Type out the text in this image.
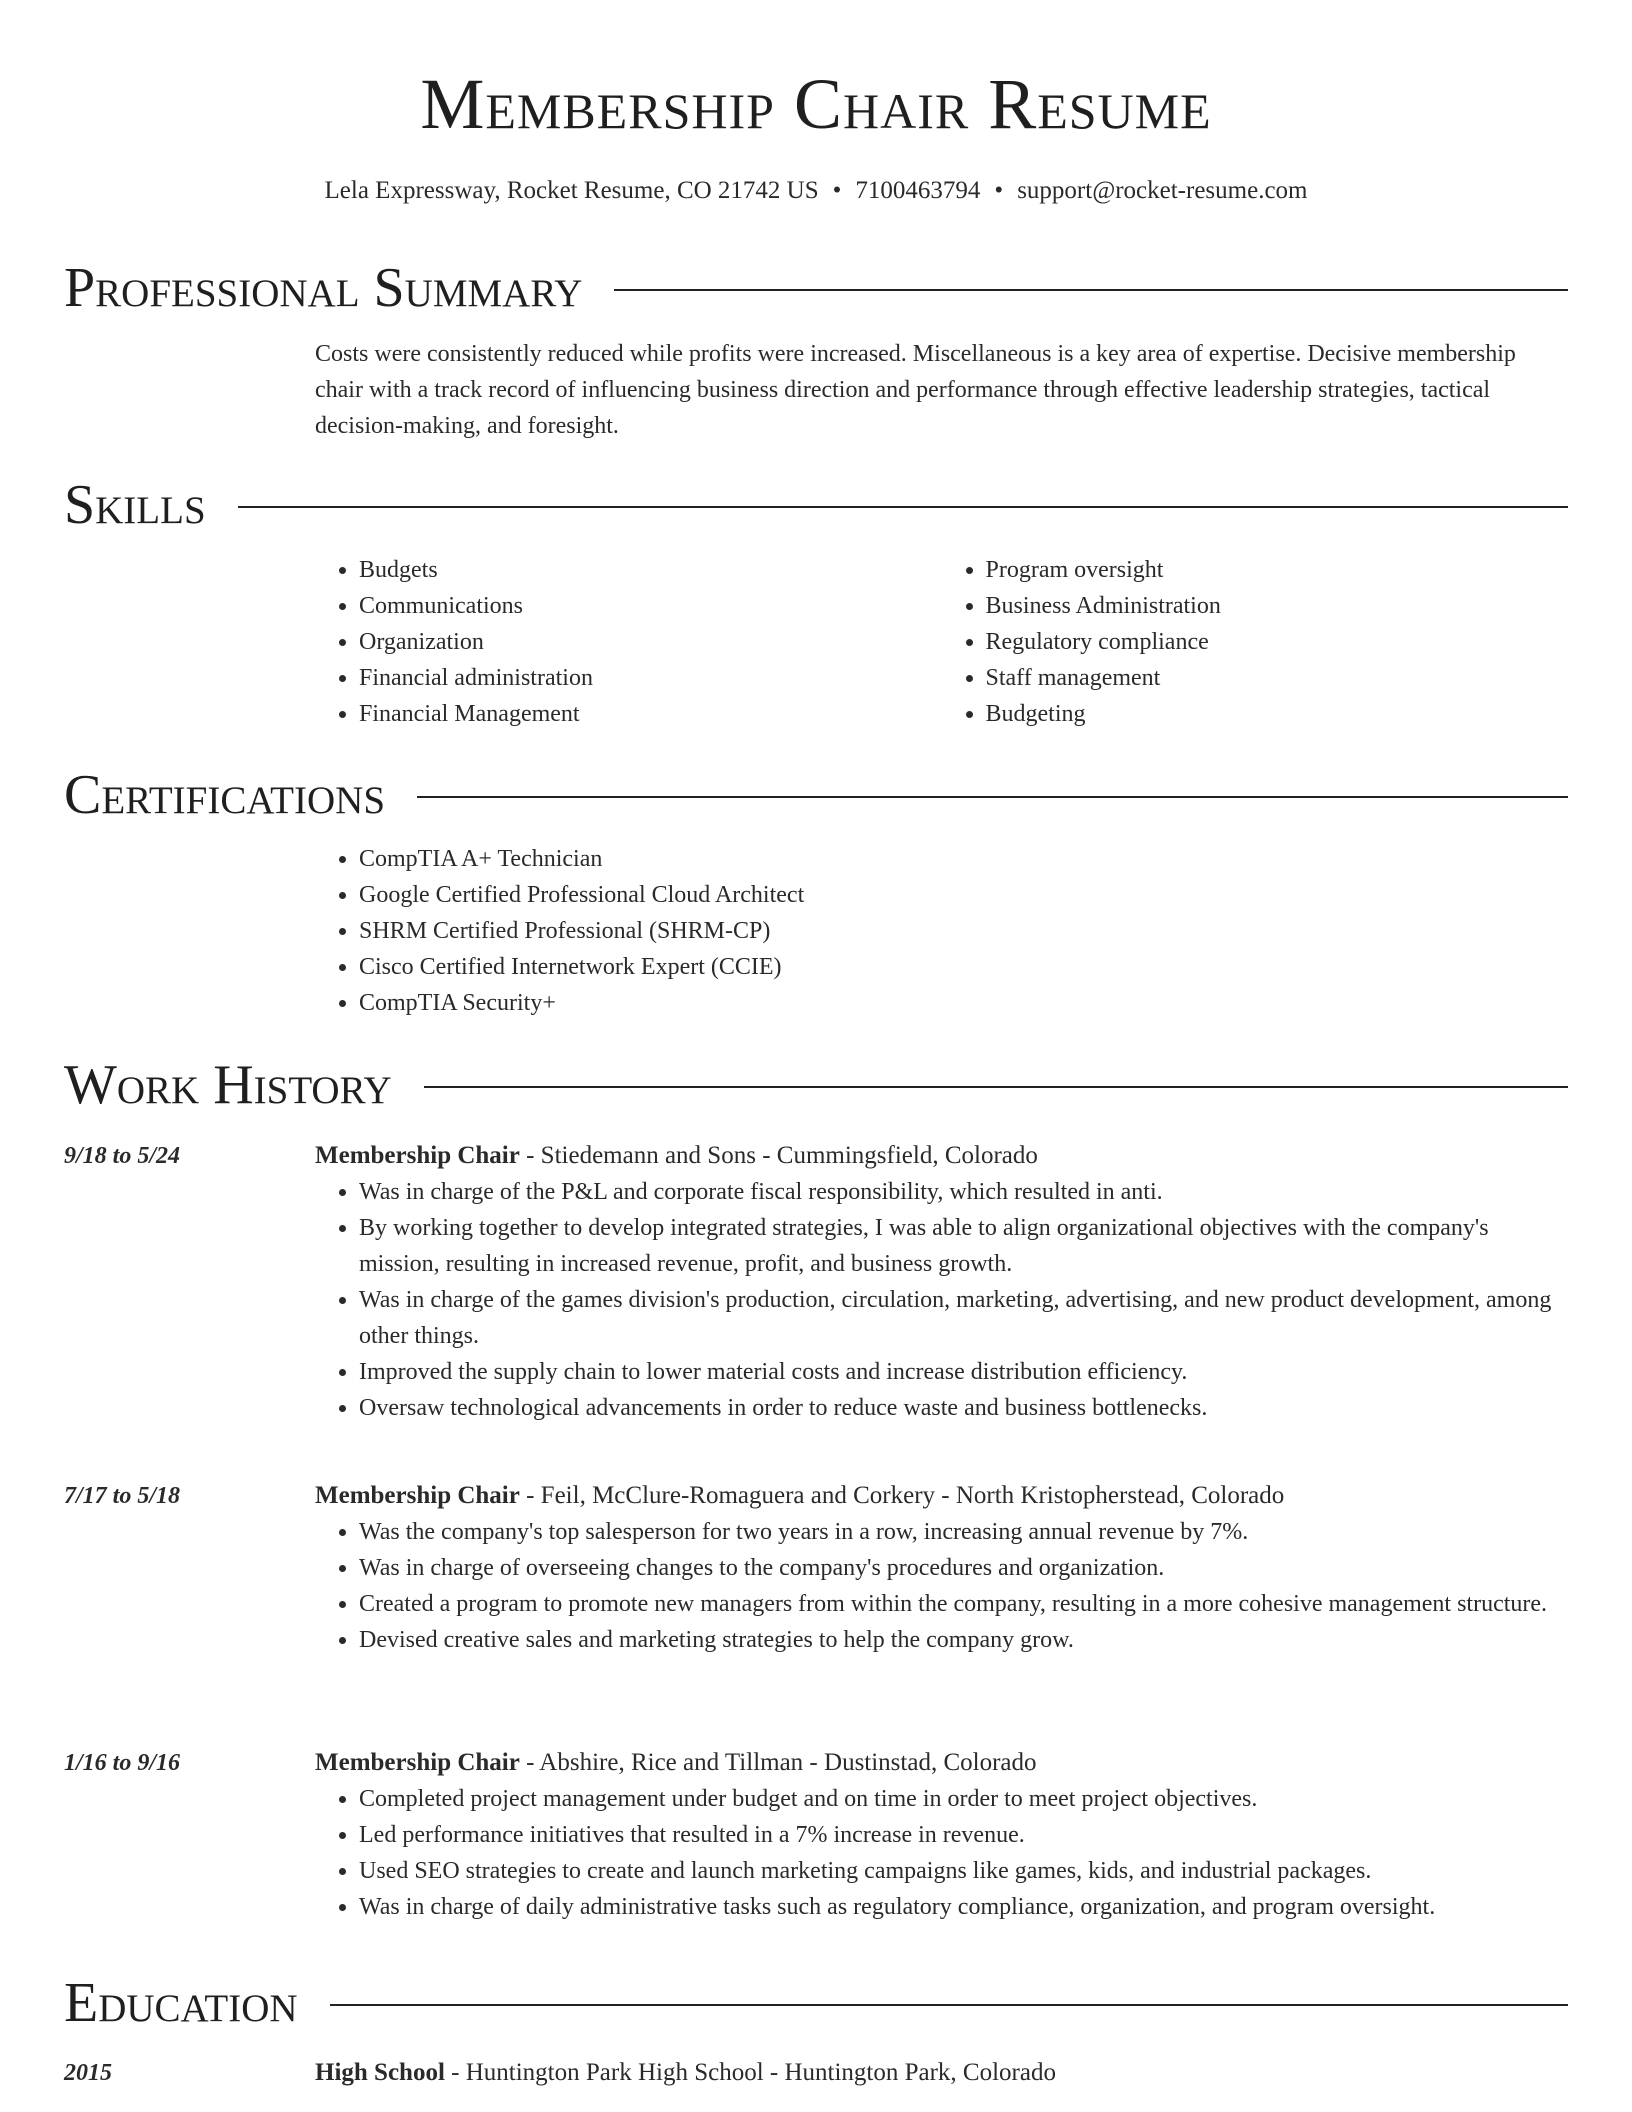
Membership Chair Resume
Lela Expressway, Rocket Resume, CO 21742 US • 7100463794 • support@rocket-resume.com
Professional Summary
Costs were consistently reduced while profits were increased. Miscellaneous is a key area of expertise. Decisive membership chair with a track record of influencing business direction and performance through effective leadership strategies, tactical decision-making, and foresight.
Skills
• Budgets
• Communications
• Organization
• Financial administration
• Financial Management
• Program oversight
• Business Administration
• Regulatory compliance
• Staff management
• Budgeting
Certifications
• CompTIA A+ Technician
• Google Certified Professional Cloud Architect
• SHRM Certified Professional (SHRM-CP)
• Cisco Certified Internetwork Expert (CCIE)
• CompTIA Security+
Work History
9/18 to 5/24	Membership Chair - Stiedemann and Sons - Cummingsfield, Colorado
• Was in charge of the P&L and corporate fiscal responsibility, which resulted in anti.
• By working together to develop integrated strategies, I was able to align organizational objectives with the company's mission, resulting in increased revenue, profit, and business growth.
• Was in charge of the games division's production, circulation, marketing, advertising, and new product development, among other things.
• Improved the supply chain to lower material costs and increase distribution efficiency.
• Oversaw technological advancements in order to reduce waste and business bottlenecks.
7/17 to 5/18	Membership Chair - Feil, McClure-Romaguera and Corkery - North Kristopherstead, Colorado
• Was the company's top salesperson for two years in a row, increasing annual revenue by 7%.
• Was in charge of overseeing changes to the company's procedures and organization.
• Created a program to promote new managers from within the company, resulting in a more cohesive management structure.
• Devised creative sales and marketing strategies to help the company grow.
1/16 to 9/16	Membership Chair - Abshire, Rice and Tillman - Dustinstad, Colorado
• Completed project management under budget and on time in order to meet project objectives.
• Led performance initiatives that resulted in a 7% increase in revenue.
• Used SEO strategies to create and launch marketing campaigns like games, kids, and industrial packages.
• Was in charge of daily administrative tasks such as regulatory compliance, organization, and program oversight.
Education
2015	High School - Huntington Park High School - Huntington Park, Colorado
